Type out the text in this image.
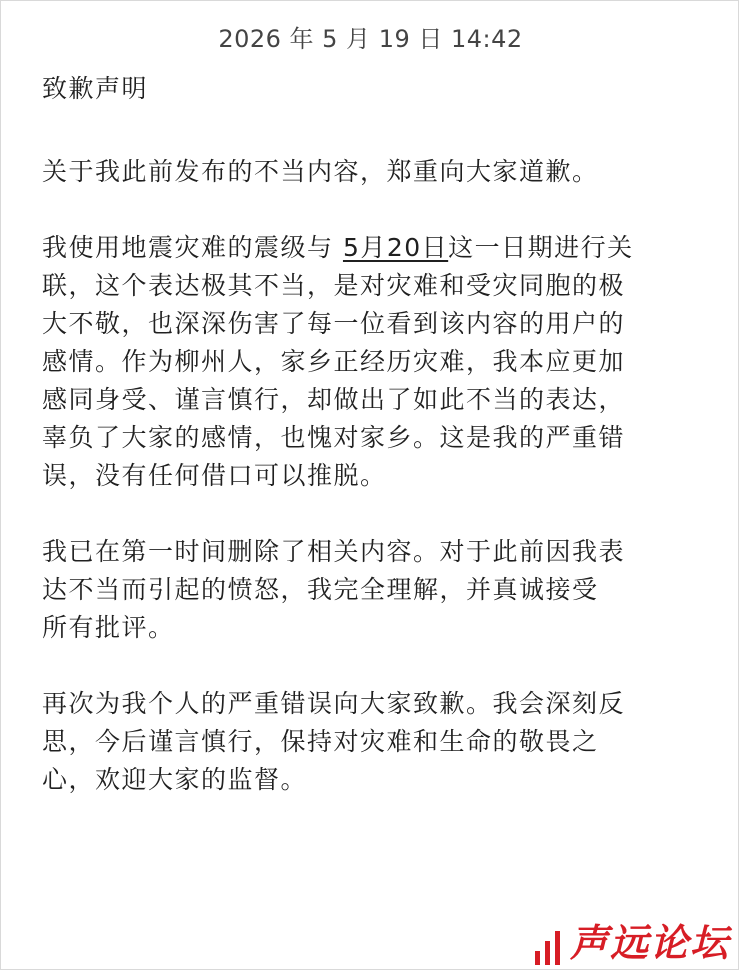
2026 年 5 月 19 日 14:42
致歉声明

关于我此前发布的不当内容，郑重向大家道歉。

我使用地震灾难的震级与 5月20日这一日期进行关
联，这个表达极其不当，是对灾难和受灾同胞的极
大不敬，也深深伤害了每一位看到该内容的用户的
感情。作为柳州人，家乡正经历灾难，我本应更加
感同身受、谨言慎行，却做出了如此不当的表达，
辜负了大家的感情，也愧对家乡。这是我的严重错
误，没有任何借口可以推脱。

我已在第一时间删除了相关内容。对于此前因我表
达不当而引起的愤怒，我完全理解，并真诚接受
所有批评。

再次为我个人的严重错误向大家致歉。我会深刻反
思，今后谨言慎行，保持对灾难和生命的敬畏之
心，欢迎大家的监督。

声远论坛
